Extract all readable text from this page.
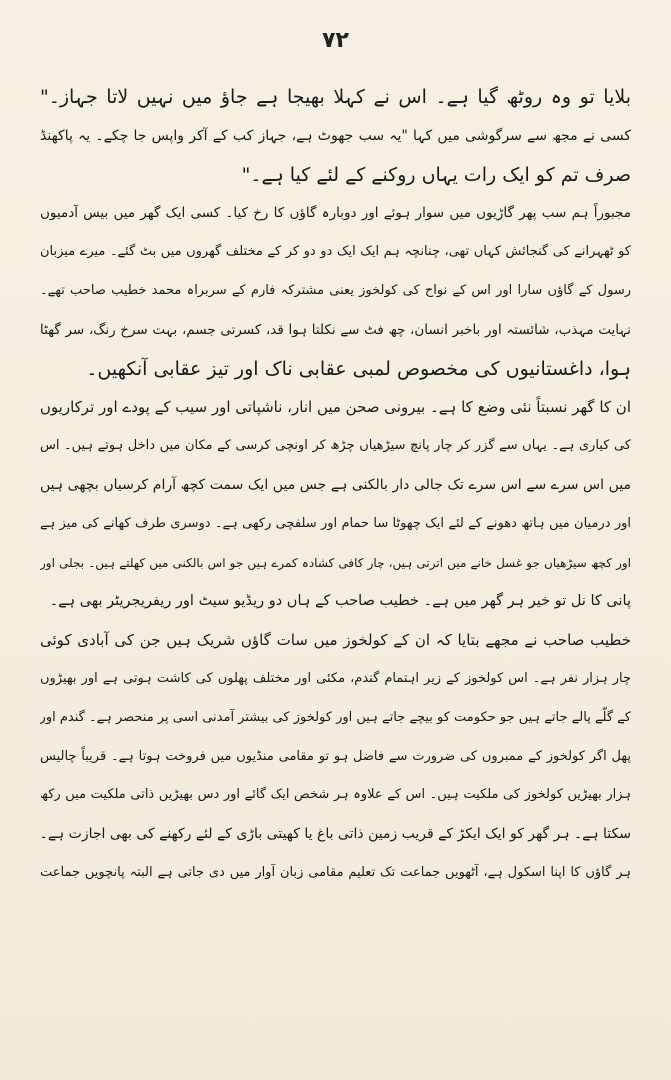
۷۲
بلایا تو وہ روٹھ گیا ہے۔ اس نے کہلا بھیجا ہے جاؤ میں نہیں لاتا جہاز۔"
کسی نے مجھ سے سرگوشی میں کہا "یہ سب جھوٹ ہے، جہاز کب کے آکر واپس جا چکے۔ یہ پاکھنڈ
صرف تم کو ایک رات یہاں روکنے کے لئے کیا ہے۔"
مجبوراً ہم سب پھر گاڑیوں میں سوار ہوئے اور دوبارہ گاؤں کا رخ کیا۔ کسی ایک گھر میں بیس آدمیوں
کو ٹھہرانے کی گنجائش کہاں تھی، چنانچہ ہم ایک ایک دو دو کر کے مختلف گھروں میں بٹ گئے۔ میرے میزبان
رسول کے گاؤں سارا اور اس کے نواح کی کولخوز یعنی مشترکہ فارم کے سربراہ محمد خطیب صاحب تھے۔
نہایت مہذب، شائستہ اور باخبر انسان، چھ فٹ سے نکلتا ہوا قد، کسرتی جسم، بہت سرخ رنگ، سر گھٹا
ہوا، داغستانیوں کی مخصوص لمبی عقابی ناک اور تیز عقابی آنکھیں۔
ان کا گھر نسبتاً نئی وضع کا ہے۔ بیرونی صحن میں انار، ناشپاتی اور سیب کے پودے اور ترکاریوں
کی کیاری ہے۔ یہاں سے گزر کر چار پانچ سیڑھیاں چڑھ کر اونچی کرسی کے مکان میں داخل ہوتے ہیں۔ اس
میں اس سرے سے اس سرے تک جالی دار بالکنی ہے جس میں ایک سمت کچھ آرام کرسیاں بچھی ہیں
اور درمیان میں ہاتھ دھونے کے لئے ایک چھوٹا سا حمام اور سلفچی رکھی ہے۔ دوسری طرف کھانے کی میز ہے
اور کچھ سیڑھیاں جو غسل خانے میں اترتی ہیں، چار کافی کشادہ کمرے ہیں جو اس بالکنی میں کھلتے ہیں۔ بجلی اور
پانی کا نل تو خیر ہر گھر میں ہے۔ خطیب صاحب کے ہاں دو ریڈیو سیٹ اور ریفریجریٹر بھی ہے۔
خطیب صاحب نے مجھے بتایا کہ ان کے کولخوز میں سات گاؤں شریک ہیں جن کی آبادی کوئی
چار ہزار نفر ہے۔ اس کولخوز کے زیر اہتمام گندم، مکئی اور مختلف پھلوں کی کاشت ہوتی ہے اور بھیڑوں
کے گلّے پالے جاتے ہیں جو حکومت کو بیچے جاتے ہیں اور کولخوز کی بیشتر آمدنی اسی پر منحصر ہے۔ گندم اور
پھل اگر کولخوز کے ممبروں کی ضرورت سے فاضل ہو تو مقامی منڈیوں میں فروخت ہوتا ہے۔ قریباً چالیس
ہزار بھیڑیں کولخوز کی ملکیت ہیں۔ اس کے علاوہ ہر شخص ایک گائے اور دس بھیڑیں ذاتی ملکیت میں رکھ
سکتا ہے۔ ہر گھر کو ایک ایکڑ کے قریب زمین ذاتی باغ یا کھیتی باڑی کے لئے رکھنے کی بھی اجازت ہے۔
ہر گاؤں کا اپنا اسکول ہے، آٹھویں جماعت تک تعلیم مقامی زبان آوار میں دی جاتی ہے البتہ پانچویں جماعت
